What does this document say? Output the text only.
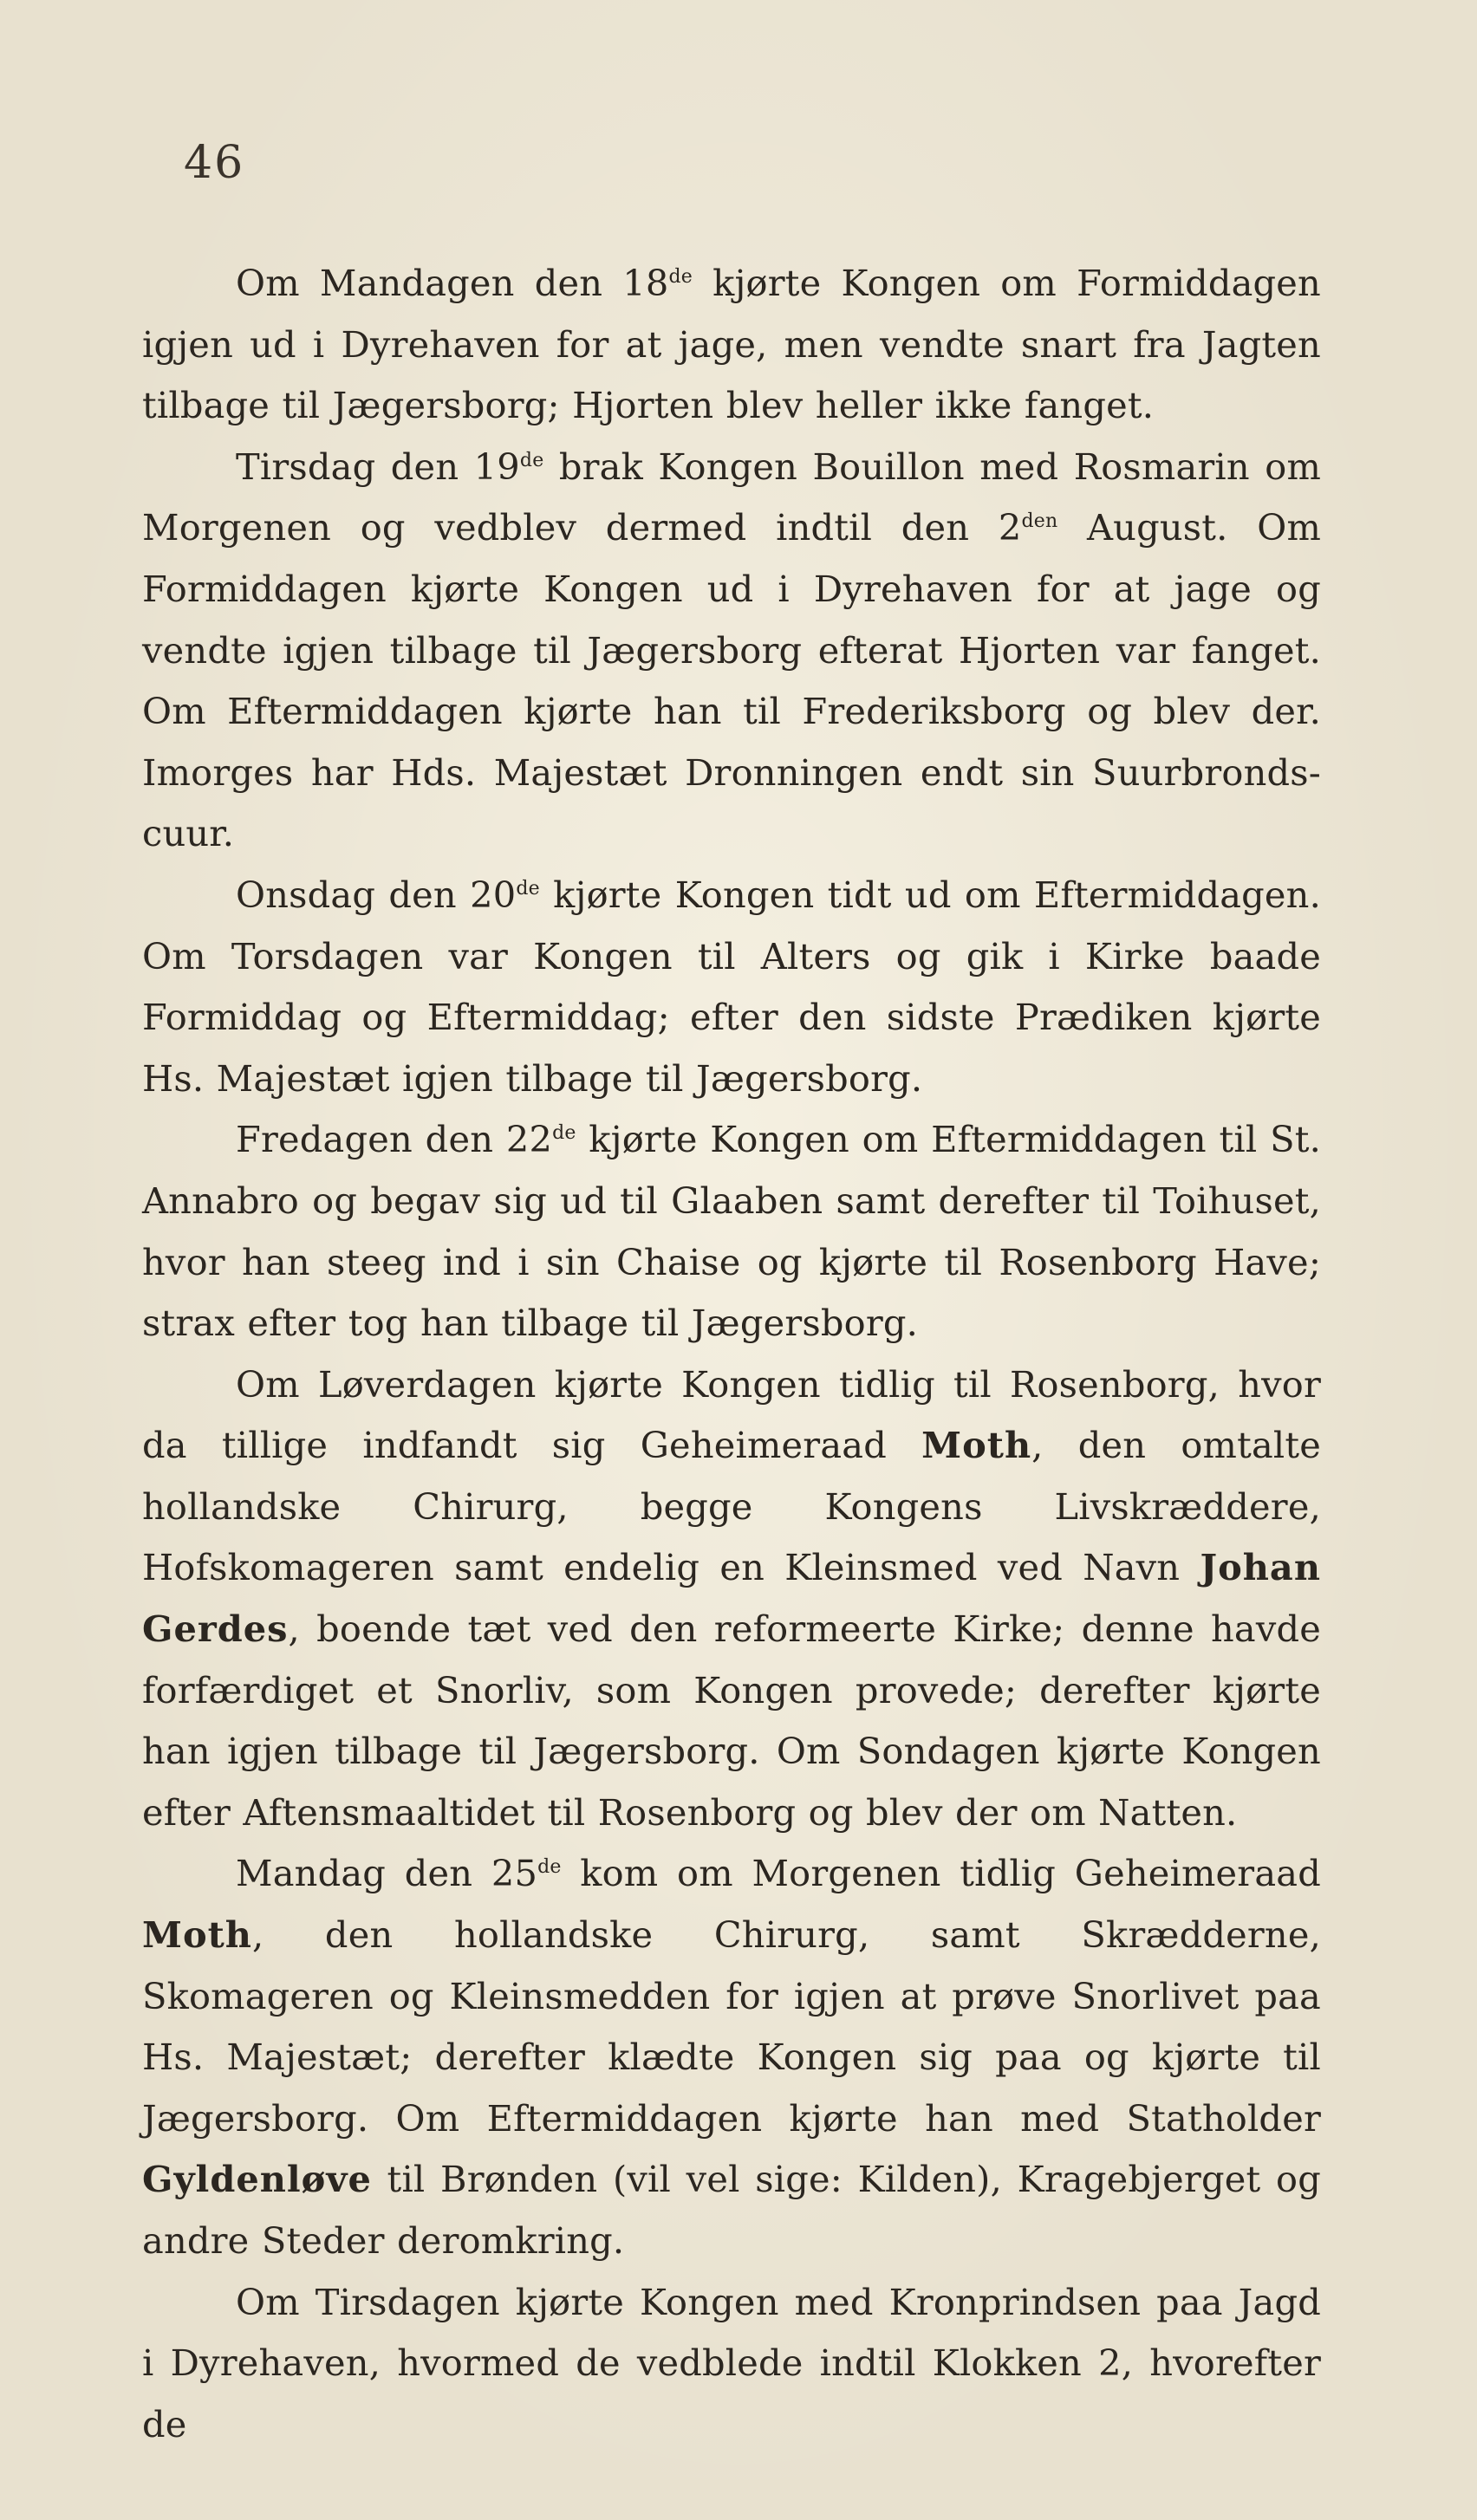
46

Om Mandagen den 18de kjørte Kongen om Formiddagen igjen ud i Dyrehaven for at jage, men vendte snart fra Jagten tilbage til Jægersborg; Hjorten blev heller ikke fanget.

Tirsdag den 19de brak Kongen Bouillon med Rosmarin om Morgenen og vedblev dermed indtil den $2^{den}$ August. Om Formiddagen kjørte Kongen ud i Dyrehaven for at jage og vendte igjen tilbage til Jægersborg efterat Hjorten var fanget. Om Eftermiddagen kjørte han til Frederiksborg og blev der. Imorges har Hds. Majestæt Dronningen endt sin Suurbronds-cuur.

Onsdag den 20de kjørte Kongen tidt ud om Eftermiddagen. Om Torsdagen var Kongen til Alters og gik i Kirke baade Formiddag og Eftermiddag; efter den sidste Prædiken kjørte Hs. Majestæt igjen tilbage til Jægersborg.

Fredagen den 22de kjørte Kongen om Eftermiddagen til St. Annabro og begav sig ud til Glaaben samt derefter til Toihuset, hvor han steeg ind i sin Chaise og kjørte til Rosenborg Have; strax efter tog han tilbage til Jægersborg.

Om Løverdagen kjørte Kongen tidlig til Rosenborg, hvor da tillige indfandt sig Geheimeraad Moth, den omtalte hollandske Chirurg, begge Kongens Livskræddere, Hofskomageren samt endelig en Kleinsmed ved Navn Johan Gerdes, boende tæt ved den reformeerte Kirke; denne havde forfærdiget et Snorliv, som Kongen provede; derefter kjørte han igjen tilbage til Jægersborg. Om Sondagen kjørte Kongen efter Aftensmaaltidet til Rosenborg og blev der om Natten.

Mandag den 25de kom om Morgenen tidlig Geheimeraad Moth, den hollandske Chirurg, samt Skrædderne, Skomageren og Kleinsmedden for igjen at prøve Snorlivet paa Hs. Majestæt; derefter klædte Kongen sig paa og kjørte til Jægersborg. Om Eftermiddagen kjørte han med Statholder Gyldenløve til Brønden (vil vel sige: Kilden), Kragebjerget og andre Steder deromkring.

Om Tirsdagen kjørte Kongen med Kronprindsen paa Jagd i Dyrehaven, hvormed de vedblede indtil Klokken 2, hvorefter de
